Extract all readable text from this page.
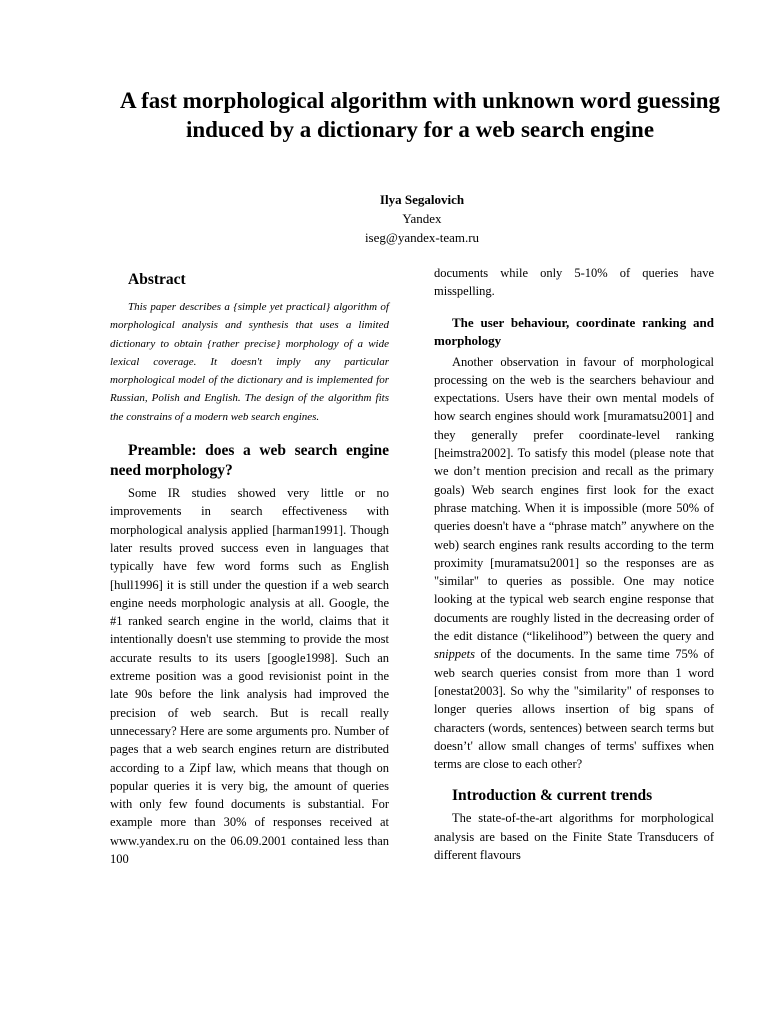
A fast morphological algorithm with unknown word guessing induced by a dictionary for a web search engine
Ilya Segalovich
Yandex
iseg@yandex-team.ru
Abstract

This paper describes a {simple yet practical} algorithm of morphological analysis and synthesis that uses a limited dictionary to obtain {rather precise} morphology of a wide lexical coverage. It doesn't imply any particular morphological model of the dictionary and is implemented for Russian, Polish and English. The design of the algorithm fits the constrains of a modern web search engines.

Preamble: does a web search engine need morphology?

Some IR studies showed very little or no improvements in search effectiveness with morphological analysis applied [harman1991]. Though later results proved success even in languages that typically have few word forms such as English [hull1996] it is still under the question if a web search engine needs morphologic analysis at all. Google, the #1 ranked search engine in the world, claims that it intentionally doesn't use stemming to provide the most accurate results to its users [google1998]. Such an extreme position was a good revisionist point in the late 90s before the link analysis had improved the precision of web search. But is recall really unnecessary? Here are some arguments pro. Number of pages that a web search engines return are distributed according to a Zipf law, which means that though on popular queries it is very big, the amount of queries with only few found documents is substantial. For example more than 30% of responses received at www.yandex.ru on the 06.09.2001 contained less than 100

documents while only 5-10% of queries have misspelling.

The user behaviour, coordinate ranking and morphology

Another observation in favour of morphological processing on the web is the searchers behaviour and expectations. Users have their own mental models of how search engines should work [muramatsu2001] and they generally prefer coordinate-level ranking [heimstra2002]. To satisfy this model (please note that we don’t mention precision and recall as the primary goals) Web search engines first look for the exact phrase matching. When it is impossible (more 50% of queries doesn't have a “phrase match” anywhere on the web) search engines rank results according to the term proximity [muramatsu2001] so the responses are as "similar" to queries as possible. One may notice looking at the typical web search engine response that documents are roughly listed in the decreasing order of the edit distance (“likelihood”) between the query and snippets of the documents. In the same time 75% of web search queries consist from more than 1 word [onestat2003]. So why the "similarity" of responses to longer queries allows insertion of big spans of characters (words, sentences) between search terms but doesn’t' allow small changes of terms' suffixes when terms are close to each other?

Introduction & current trends

The state-of-the-art algorithms for morphological analysis are based on the Finite State Transducers of different flavours
